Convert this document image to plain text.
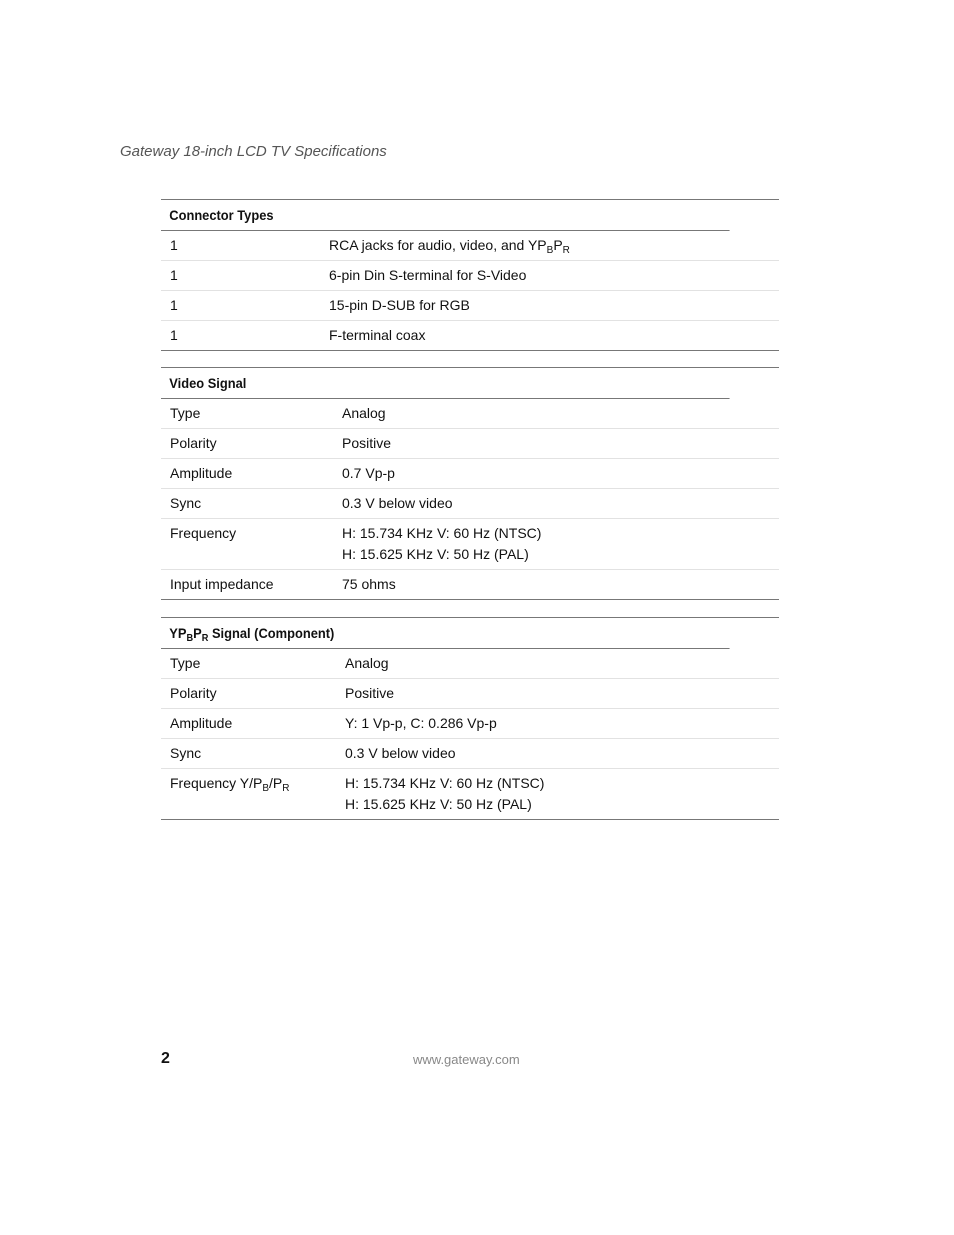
Gateway 18-inch LCD TV Specifications
Connector Types
1	RCA jacks for audio, video, and $YP_BP_R$
1	6-pin Din S-terminal for S-Video
1	15-pin D-SUB for RGB
1	F-terminal coax
Video Signal
Type	Analog
Polarity	Positive
Amplitude	0.7 Vp-p
Sync	0.3 V below video
Frequency	H: 15.734 KHz V: 60 Hz (NTSC)
H: 15.625 KHz V: 50 Hz (PAL)
Input impedance	75 ohms
$YP_BP_R$ Signal (Component)
Type	Analog
Polarity	Positive
Amplitude	Y: 1 Vp-p, C: 0.286 Vp-p
Sync	0.3 V below video
Frequency $Y/P_B/P_R$	H: 15.734 KHz V: 60 Hz (NTSC)
H: 15.625 KHz V: 50 Hz (PAL)
2	www.gateway.com
